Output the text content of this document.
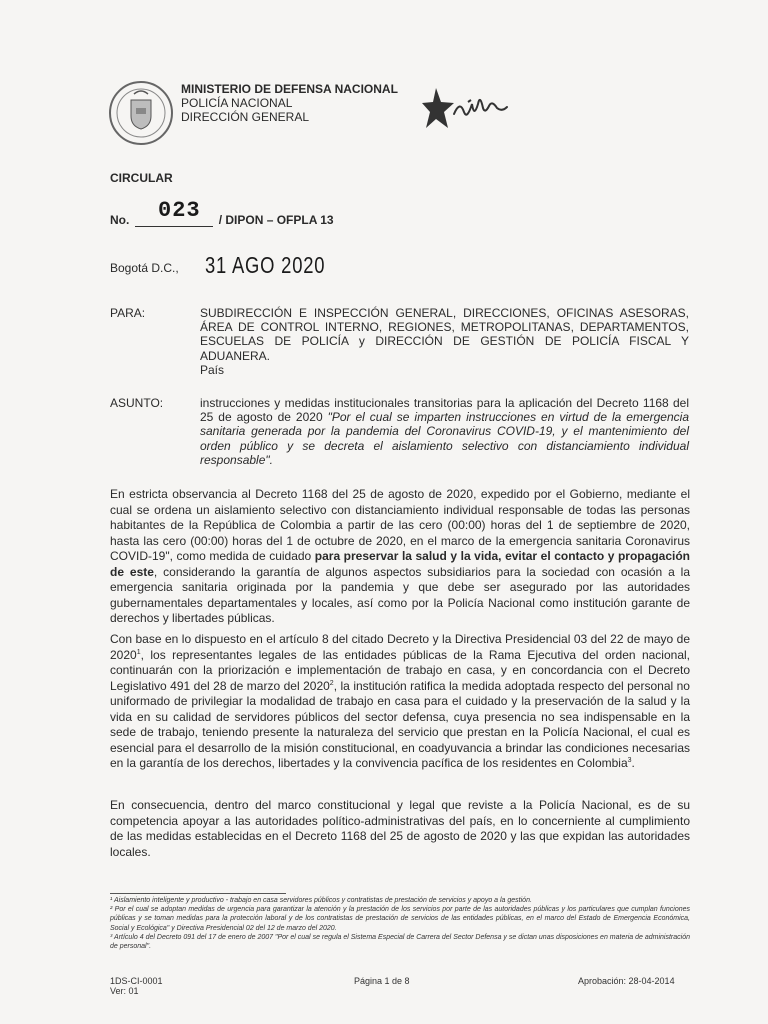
MINISTERIO DE DEFENSA NACIONAL
POLICÍA NACIONAL
DIRECCIÓN GENERAL
CIRCULAR
No. 023 / DIPON – OFPLA 13
Bogotá D.C., 31 AGO 2020
PARA:	SUBDIRECCIÓN E INSPECCIÓN GENERAL, DIRECCIONES, OFICINAS ASESORAS, ÁREA DE CONTROL INTERNO, REGIONES, METROPOLITANAS, DEPARTAMENTOS, ESCUELAS DE POLICÍA y DIRECCIÓN DE GESTIÓN DE POLICÍA FISCAL Y ADUANERA.
País
ASUNTO:	instrucciones y medidas institucionales transitorias para la aplicación del Decreto 1168 del 25 de agosto de 2020 "Por el cual se imparten instrucciones en virtud de la emergencia sanitaria generada por la pandemia del Coronavirus COVID-19, y el mantenimiento del orden público y se decreta el aislamiento selectivo con distanciamiento individual responsable".
En estricta observancia al Decreto 1168 del 25 de agosto de 2020, expedido por el Gobierno, mediante el cual se ordena un aislamiento selectivo con distanciamiento individual responsable de todas las personas habitantes de la República de Colombia a partir de las cero (00:00) horas del 1 de septiembre de 2020, hasta las cero (00:00) horas del 1 de octubre de 2020, en el marco de la emergencia sanitaria Coronavirus COVID-19", como medida de cuidado para preservar la salud y la vida, evitar el contacto y propagación de este, considerando la garantía de algunos aspectos subsidiarios para la sociedad con ocasión a la emergencia sanitaria originada por la pandemia y que debe ser asegurado por las autoridades gubernamentales departamentales y locales, así como por la Policía Nacional como institución garante de derechos y libertades públicas.
Con base en lo dispuesto en el artículo 8 del citado Decreto y la Directiva Presidencial 03 del 22 de mayo de 2020$^1$, los representantes legales de las entidades públicas de la Rama Ejecutiva del orden nacional, continuarán con la priorización e implementación de trabajo en casa, y en concordancia con el Decreto Legislativo 491 del 28 de marzo del 2020$^2$, la institución ratifica la medida adoptada respecto del personal no uniformado de privilegiar la modalidad de trabajo en casa para el cuidado y la preservación de la salud y la vida en su calidad de servidores públicos del sector defensa, cuya presencia no sea indispensable en la sede de trabajo, teniendo presente la naturaleza del servicio que prestan en la Policía Nacional, el cual es esencial para el desarrollo de la misión constitucional, en coadyuvancia a brindar las condiciones necesarias en la garantía de los derechos, libertades y la convivencia pacífica de los residentes en Colombia$^3$.
En consecuencia, dentro del marco constitucional y legal que reviste a la Policía Nacional, es de su competencia apoyar a las autoridades político-administrativas del país, en lo concerniente al cumplimiento de las medidas establecidas en el Decreto 1168 del 25 de agosto de 2020 y las que expidan las autoridades locales.

¹ Aislamiento inteligente y productivo - trabajo en casa servidores públicos y contratistas de prestación de servicios y apoyo a la gestión.

² Por el cual se adoptan medidas de urgencia para garantizar la atención y la prestación de los servicios por parte de las autoridades públicas y los particulares que cumplan funciones públicas y se toman medidas para la protección laboral y de los contratistas de prestación de servicios de las entidades públicas, en el marco del Estado de Emergencia Económica, Social y Ecológica" y Directiva Presidencial 02 del 12 de marzo del 2020.

³ Artículo 4 del Decreto 091 del 17 de enero de 2007 "Por el cual se regula el Sistema Especial de Carrera del Sector Defensa y se dictan unas disposiciones en materia de administración de personal".

1DS-CI-0001
Ver: 01
Página 1 de 8	Aprobación: 28-04-2014
